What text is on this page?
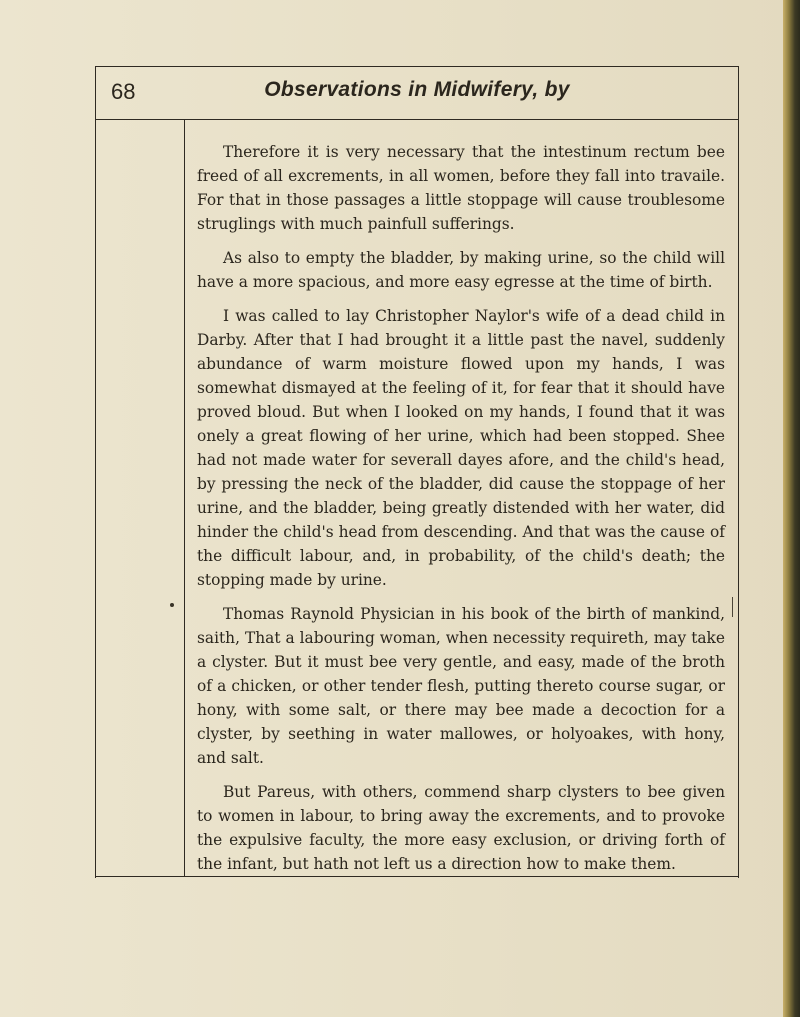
68	Observations in Midwifery, by

Therefore it is very necessary that the intestinum rectum bee freed of all excrements, in all women, before they fall into travaile. For that in those passages a little stoppage will cause troublesome struglings with much painfull sufferings.

As also to empty the bladder, by making urine, so the child will have a more spacious, and more easy egresse at the time of birth.

I was called to lay Christopher Naylor's wife of a dead child in Darby. After that I had brought it a little past the navel, suddenly abundance of warm moisture flowed upon my hands, I was somewhat dismayed at the feeling of it, for fear that it should have proved bloud. But when I looked on my hands, I found that it was onely a great flowing of her urine, which had been stopped. Shee had not made water for severall dayes afore, and the child's head, by pressing the neck of the bladder, did cause the stoppage of her urine, and the bladder, being greatly distended with her water, did hinder the child's head from descending. And that was the cause of the difficult labour, and, in probability, of the child's death; the stopping made by urine.

Thomas Raynold Physician in his book of the birth of mankind, saith, That a labouring woman, when necessity requireth, may take a clyster. But it must bee very gentle, and easy, made of the broth of a chicken, or other tender flesh, putting thereto course sugar, or hony, with some salt, or there may bee made a decoction for a clyster, by seething in water mallowes, or holyoakes, with hony, and salt.

But Pareus, with others, commend sharp clysters to bee given to women in labour, to bring away the excrements, and to provoke the expulsive faculty, the more easy exclusion, or driving forth of the infant, but hath not left us a direction how to make them.
